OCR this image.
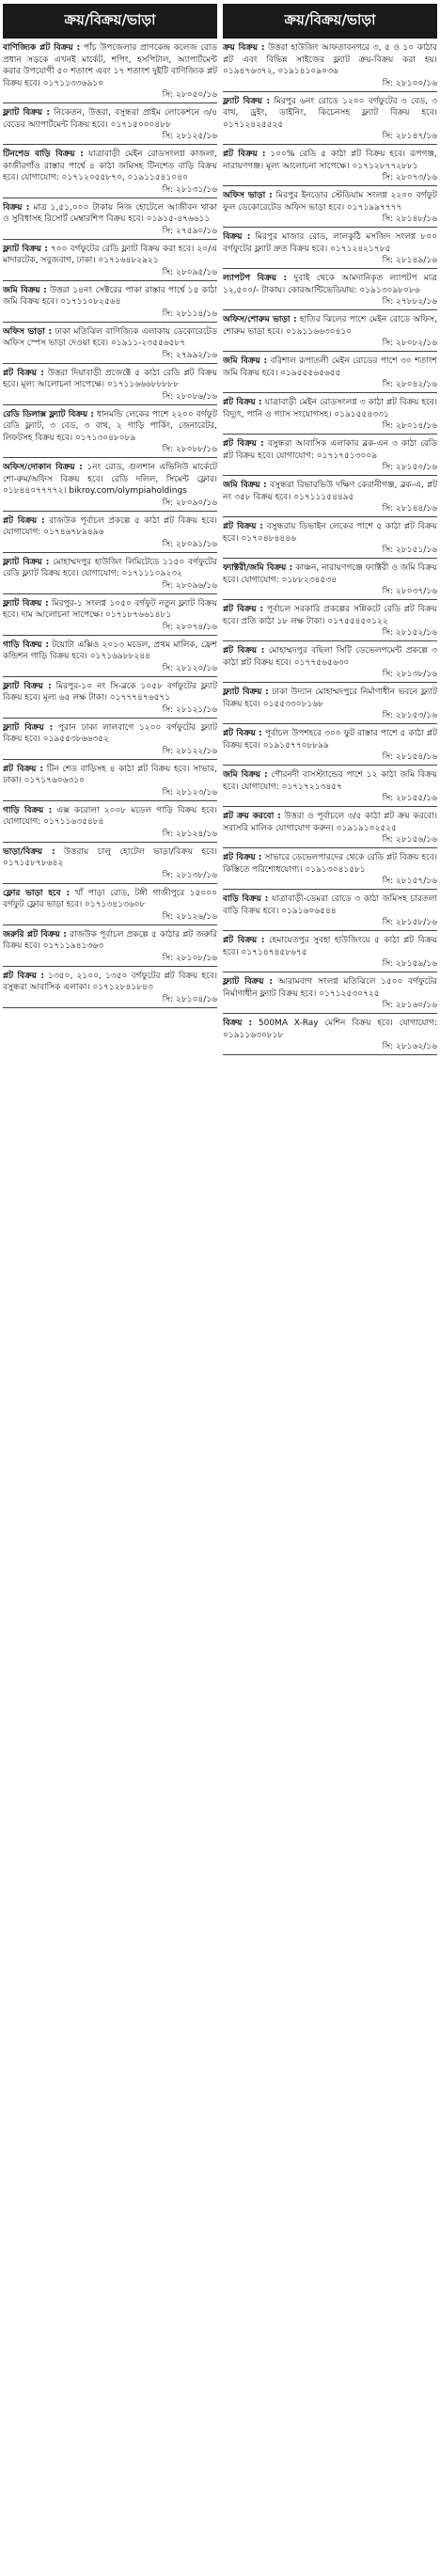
ক্রয়/বিক্রয়/ভাড়া
বাণিজ্যিক প্লট বিক্রয় : পাঁচ উপজেলার প্রাণকেন্দ্র কলেজ রোড প্রধান সড়কে এখনই মার্কেট, শপিং, হসপিটাল, অ্যাপার্টমেন্ট করার উপযোগী ৫০ শতাংশ এবং ১৭ শতাংশ দুইটি বাণিজ্যিক প্লট বিক্রয় হবে। ০১৭১১৩৩৬৯১০
সি: ২৮০৫০/১৬
ফ্ল্যাট বিক্রয় : নিকেতন, উত্তরা, বসুন্ধরা প্রাইম লোকেশনে ৩/৪ বেডের অ্যাপার্টমেন্ট বিক্রয় হবে। ০১৭১৫০০০৪৮৮
সি: ২৮১২৫/১৬
টিনশেড বাড়ি বিক্রয় : যাত্রাবাড়ী মেইন রোডসংলগ্ন কাজলা, কাজীরগাঁও রাস্তার পার্শ্বে ৪ কাঠা জমিসহ টিনশেড বাড়ি বিক্রয় হবে। যোগাযোগ: ০১৭১২০৫৫৮৭০, ০১৯১১৫৪১০৪০
সি: ২৮১৩১/১৬
বিক্রয় : মাত্র ১,৫১,০০০ টাকায় নিজ হোটেলে আজীবন থাকা ও সুবিধাসহ রিসোর্ট মেম্বারশিপ বিক্রয় হবে। ০১৯১৫-৪৭৬৬১১
সি: ২৭৫৯০/১৬
ফ্ল্যাট বিক্রয় : ৭০০ বর্গফুটের রেডি ফ্ল্যাট বিক্রয় করা হবে। ২০/এ মাদারটেক, সবুজবাগ, ঢাকা। ০১৭১৬৪৮২৯২১
সি: ২৮০৯৫/১৬
জমি বিক্রয় : উত্তরা ১৪নং সেক্টরের পাকা রাস্তার পার্শ্বে ১৫ কাঠা জমি বিক্রয় হবে। ০১৭১১০৮২৫৬৪
সি: ২৮১১৪/১৬
অফিস ভাড়া : ঢাকা মতিঝিল বাণিজ্যিক এলাকায় ডেকোরেটেড অফিস স্পেস ভাড়া দেওয়া হবে। ০১৯১১-২৩৫৫৬৫৮৭
সি: ২৭৯৯২/১৬
প্লট বিক্রয় : উত্তরা দিয়াবাড়ী প্রজেক্টে ৫ কাঠা রেডি প্লট বিক্রয় হবে। মূল্য আলোচনা সাপেক্ষে। ০১৭১১৬৬৬৮৮৮৮৮
সি: ২৮০৮৬/১৬
রেডি ডিলাক্স ফ্ল্যাট বিক্রয় : ধানমন্ডি লেকের পাশে ২২০০ বর্গফুট রেডি ফ্ল্যাট, ৩ বেড, ৩ বাথ, ২ গাড়ি পার্কিং, জেনারেটর, লিফটসহ বিক্রয় হবে। ০১৭১৩০৪৮০৮৯
সি: ২৮০৮৮/১৬
অফিস/দোকান বিক্রয় : ১নং রোড, গুলশান এভিনিউ মার্কেটে শো-রুম/অফিস বিক্রয় হবে। রেডি দলিল, সিমেন্ট ফ্লোর। ০১৮৪৪০৭৭৭৭২। bikroy.com/olympiaholdings
সি: ২৮০৯০/১৬
প্লট বিক্রয় : রাজউক পূর্বাচল প্রকল্পে ৫ কাঠা প্লট বিক্রয় হবে। যোগাযোগ: ০১৭৪৬৭৮৯৪৯৬
সি: ২৮০৯১/১৬
ফ্ল্যাট বিক্রয় : মোহাম্মদপুর হাউজিং লিমিটেডে ১১৫০ বর্গফুটের রেডি ফ্ল্যাট বিক্রয় হবে। যোগাযোগ: ০১৭১১১০৯২৩২
সি: ২৮০৯৬/১৬
ফ্ল্যাট বিক্রয় : মিরপুর-১ সংলগ্ন ১০৫০ বর্গফুট নতুন ফ্ল্যাট বিক্রয় হবে। দাম আলোচনা সাপেক্ষে। ০১৭১৮৭৬৬১৪৮১
সি: ২৮০৭৪/১৬
গাড়ি বিক্রয় : টয়োটা এক্সিও ২০১৩ মডেল, প্রথম মালিক, ফ্রেশ কন্ডিশন গাড়ি বিক্রয় হবে। ০১৭১৬৯৮৮২৪৪
সি: ২৮১২০/১৬
ফ্ল্যাট বিক্রয় : মিরপুর-১০ নং সি-ব্লকে ১০৫৮ বর্গফুটের ফ্ল্যাট বিক্রয় হবে। মূল্য ৬৫ লক্ষ টাকা। ০১৭৭৭৪৭৬৫৭১
সি: ২৮১২১/১৬
ফ্ল্যাট বিক্রয় : পুরান ঢাকা লালবাগে ১২০০ বর্গফুটের ফ্ল্যাট বিক্রয় হবে। ০১৯৫৫৩৮৬৬৩৫২
সি: ২৮১২২/১৬
প্লট বিক্রয় : টিন শেড বাড়িসহ ৪ কাঠা প্লট বিক্রয় হবে। সাভার, ঢাকা। ০১৭১৭৬০৬৩১০
সি: ২৮১২৩/১৬
গাড়ি বিক্রয় : এক্স করোলা ২০০৮ মডেল গাড়ি বিক্রয় হবে। যোগাযোগ: ০১৭১১৬৩৫৪৮৪
সি: ২৮১২৪/১৬
ভাড়া/বিক্রয় : উত্তরায় চালু হোটেল ভাড়া/বিক্রয় হবে। ০১৭১৫৮৭৮৬৪২
সি: ২৮১৩৮/১৬
ফ্লোর ভাড়া হবে : খাঁ পাড়া রোড, টঙ্গী গাজীপুরে ১৫০০০ বর্গফুট ফ্লোর ভাড়া হবে। ০১৭১৩৪১৩৬০৮
সি: ২৮১২৬/১৬
জরুরি প্লট বিক্রয় : রাজউক পূর্বাচল প্রকল্পে ৫ কাঠার প্লট জরুরি বিক্রয় হবে। ০১৭১১৯৪১৩৬৩
সি: ২৮১০৮/১৬
প্লট বিক্রয় : ১৩৫০, ২১০০, ১৩৫০ বর্গফুটের প্লট বিক্রয় হবে। বসুন্ধরা আবাসিক এলাকা। ০১৭১২৮৪১৮৪৩
সি: ২৮১০৪/১৬
ক্রয়/বিক্রয়/ভাড়া
ক্রয় বিক্রয় : উত্তরা হাউজিং আফতাবনগরে ৩, ৫ ও ১০ কাঠার প্লট এবং বিভিন্ন সাইজের ফ্ল্যাট ক্রয়-বিক্রয় করা হয়। ০১৯৪৭৬৩৭২, ০১৯১৪১০৯০৩৬
সি: ২৮১০০/১৬
ফ্ল্যাট বিক্রয় : মিরপুর ৬নং রোডে ১২০০ বর্গফুটের ৩ বেড, ৩ বাথ, ড্রইং, ডাইনিং, কিচেনসহ ফ্ল্যাট বিক্রয় হবে। ০১৭১২৪২৫৫২৫
সি: ২৮১৪৭/১৬
প্লট বিক্রয় : ১০০% রেডি ৫ কাঠা প্লট বিক্রয় হবে। রূপগঞ্জ, নারায়ণগঞ্জ। মূল্য আলোচনা সাপেক্ষে। ০১৭১২৮৭৭২৮৮১
সি: ২৮০৭৩/১৬
অফিস ভাড়া : মিরপুর ইনডোর স্টেডিয়াম সংলগ্ন ২২০০ বর্গফুট ফুল ডেকোরেটেড অফিস ভাড়া হবে। ০১৭১৯৯৭৭৭৭
সি: ২৮১৪৮/১৬
বিক্রয় : মিরপুর মাজার রোড, লালকুঠি মসজিদ সংলগ্ন ৮০০ বর্গফুটের ফ্ল্যাট দ্রুত বিক্রয় হবে। ০১৭১২৪২১৭৮৫
সি: ২৮১৪৯/১৬
ল্যাপটপ বিক্রয় : দুবাই থেকে আমদানিকৃত ল্যাপটপ মাত্র ১২,৫০০/- টাকায়। কোরআন্টিভেডিয়ায়: ০১৯১৩০৯৮০৮৬
সি: ২৭৮৮২/১৬
অফিস/শোরুম ভাড়া : হাতির ঝিলের পাশে মেইন রোডে অফিস, শোরুম ভাড়া হবে। ০১৯১১৬৬৩০৪১০
সি: ২৮০৮২/১৬
জমি বিক্রয় : বরিশাল রূপাতলী মেইন রোডের পাশে ৩০ শতাংশ জমি বিক্রয় হবে। ০১৯৫৫৫৬৫৬৫৫
সি: ২৮০৪২/১৬
প্লট বিক্রয় : যাত্রাবাড়ী মেইন রোডসংলগ্ন ৩ কাঠা প্লট বিক্রয় হবে। বিদ্যুৎ, পানি ও গ্যাস সংযোগসহ। ০১৯১৫৫৪৩৩১
সি: ২৮০১৪/১৬
প্লট বিক্রয় : বসুন্ধরা আবাসিক এলাকার ব্লক-এন ৩ কাঠা রেডি প্লট বিক্রয় হবে। যোগাযোগ: ০১৭১৭৫১৩০০৯
সি: ২৮১৫০/১৬
জমি বিক্রয় : বসুন্ধরা রিভারভিউ দক্ষিণ কেরানীগঞ্জ, ব্লক-এ, প্লট নং ৩৫৮ বিক্রয় হবে। ০১৭১১১৫৪৪৯৫
সি: ২৮১৪৪/১৬
প্লট বিক্রয় : বসুন্ধরায় ডিভাইন লেকের পাশে ৫ কাঠা প্লট বিক্রয় হবে। ০১৭০৪৮৪৪৪৬
সি: ২৮১৫১/১৬
ফ্যাক্টরী/জমি বিক্রয় : কাঞ্চন, নারায়ণগঞ্জে ফ্যাক্টরী ও জমি বিক্রয় হবে। যোগাযোগ: ০১৮৮২৩৪৫৩৪
সি: ২৮০৩৭/১৬
প্লট বিক্রয় : পূর্বাচল সরকারি প্রকল্পের সন্নিকটে রেডি প্লট বিক্রয় হবে। প্রতি কাঠা ১৮ লক্ষ টাকা। ০১৭৫৫৪৫০১২২
সি: ২৮১৫২/১৬
প্লট বিক্রয় : মোহাম্মদপুর বছিলা সিটি ডেভেলপমেন্ট প্রকল্পে ৩ কাঠা প্লট বিক্রয় হবে। ০১৭৭৫৬৫৬৩০
সি: ২৮১৩৮/১৬
ফ্ল্যাট বিক্রয় : ঢাকা উদ্যান মোহাম্মদপুরে নির্মাণাধীন ভবনে ফ্ল্যাট বিক্রয় হবে। ০১৫৫৩৩০৮১৬৮
সি: ২৮১৫৩/১৬
প্লট বিক্রয় : পূর্বাচল উপশহরে ৩০০ ফুট রাস্তার পাশে ৫ কাঠা প্লট বিক্রয় হবে। ০১৯১৫৭৭০৮৮৯৯
সি: ২৮১৫৪/১৬
জমি বিক্রয় : গৌরনদী বাসস্ট্যান্ডের পাশে ১২ কাঠা জমি বিক্রয় হবে। যোগাযোগ: ০১৭১৭২১৩৪৫৭
সি: ২৮১৫৫/১৬
প্লট ক্রয় করবো : উত্তরা ও পূর্বাচলে ৩/৫ কাঠা প্লট ক্রয় করবো। সরাসরি মালিক যোগাযোগ করুন। ০১৯১৯১০২৫২৫
সি: ২৮১৫৬/১৬
প্লট বিক্রয় : সাভারে ডেভেলপারদের থেকে রেডি প্লট বিক্রয় হবে। কিস্তিতে পরিশোধযোগ্য। ০১৯১৩০৪১৫৮১
সি: ২৮১৫৭/১৬
বাড়ি বিক্রয় : যাত্রাবাড়ী-ডেমরা রোডে ৩ কাঠা জমিসহ চারতলা বাড়ি বিক্রয় হবে। ০১৯১৬০৬৫৪৪
সি: ২৮১৫৮/১৬
প্লট বিক্রয় : হেমায়েতপুর সুবহা হাউজিংয়ে ৫ কাঠা প্লট বিক্রয় হবে। ০১৭১৪৭৪৫৮৬৭৫
সি: ২৮১৫৯/১৬
ফ্ল্যাট বিক্রয় : আরামবাগ সংলগ্ন মতিঝিলে ১৫০০ বর্গফুটের নির্মাণাধীন ফ্ল্যাট বিক্রয় হবে। ০১৭১২৫৩০৭২৫
সি: ২৮১৬০/১৬
বিক্রয় : 500MA X-Ray মেশিন বিক্রয় হবে। যোগাযোগ: ০১৯১১৬৩০৮১৮
সি: ২৮১৬২/১৬
